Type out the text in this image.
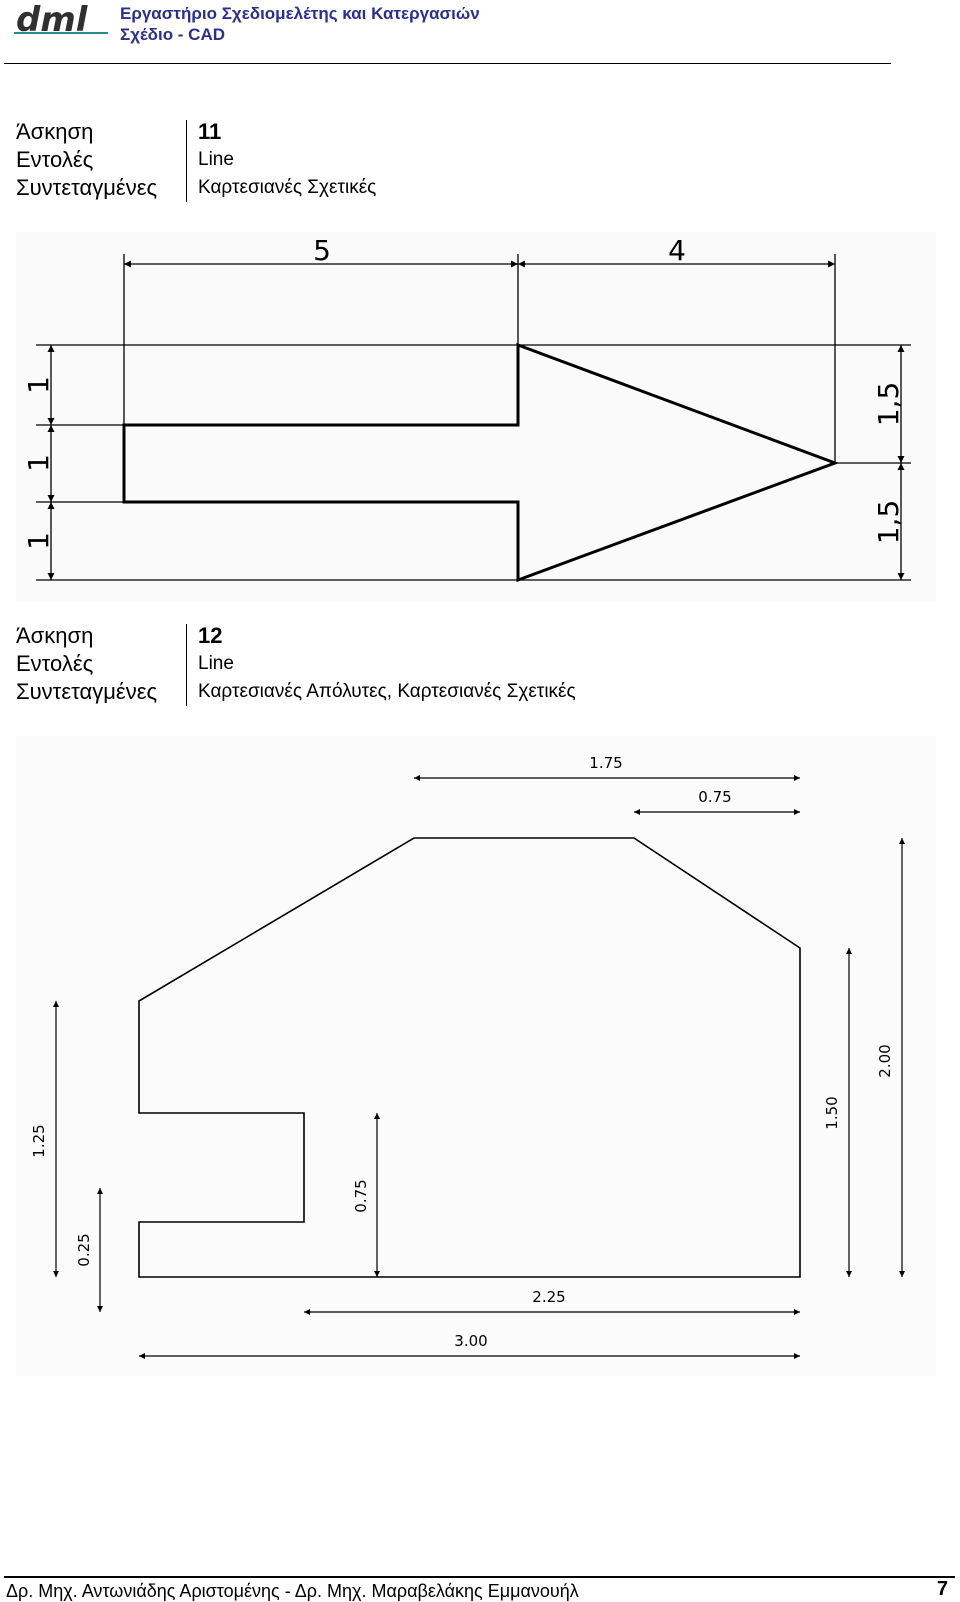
dml Εργαστήριο Σχεδιομελέτης και Κατεργασιών
Σχέδιο - CAD
Άσκηση
Εντολές
Συντεταγμένες
11
Line
Καρτεσιανές Σχετικές
5	4
1
1
1
1,5
1,5
Άσκηση
Εντολές
Συντεταγμένες
12
Line
Καρτεσιανές Απόλυτες, Καρτεσιανές Σχετικές
1.75
0.75
1.25
0.25
0.75
1.50
2.00
2.25
3.00
Δρ. Μηχ. Αντωνιάδης Αριστομένης - Δρ. Μηχ. Μαραβελάκης Εμμανουήλ	7
